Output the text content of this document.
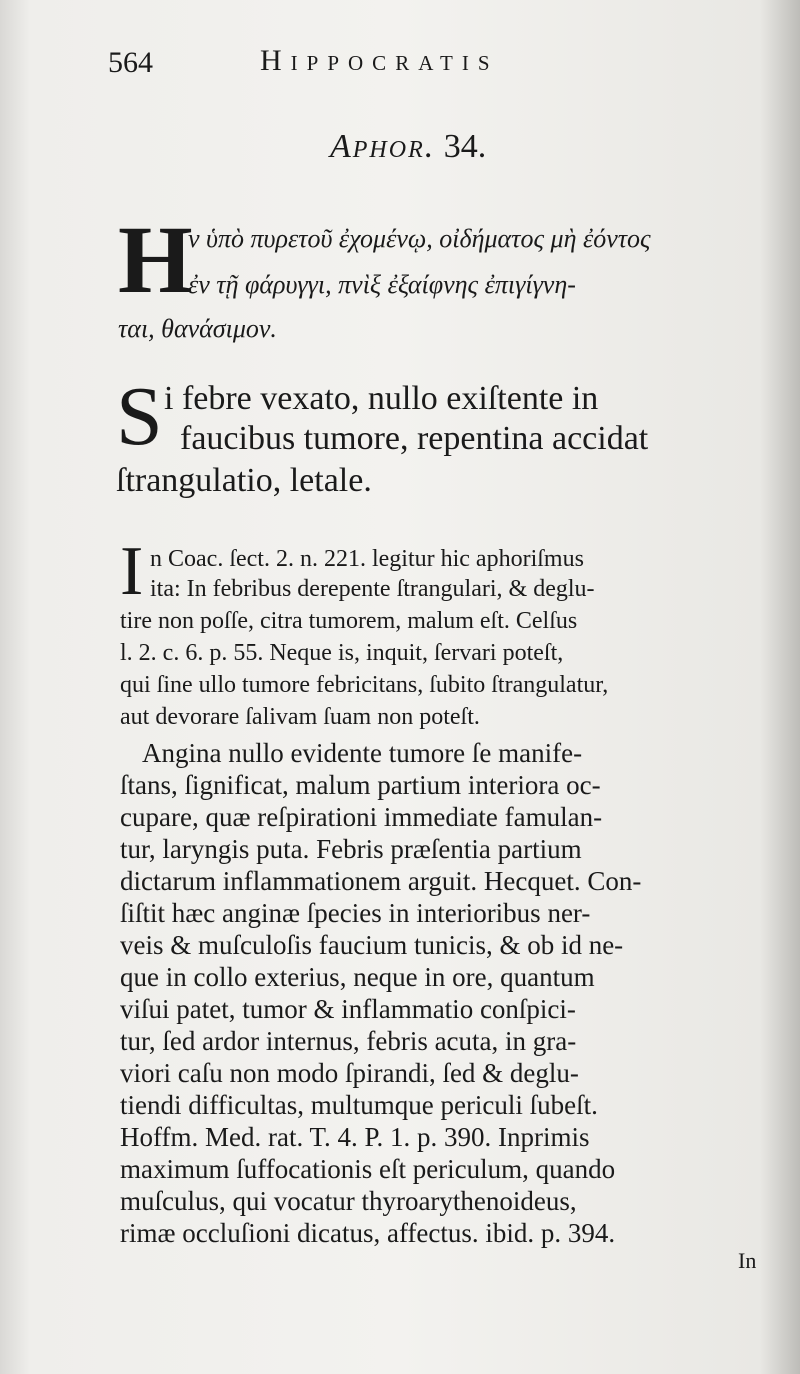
564	Hippocratis
Aphor. 34.
H
ν ὑπὸ πυρετοῦ ἐχομένῳ, οἰδήματος μὴ ἐόντος
ἐν τῇ φάρυγγι, πνὶξ ἐξαίφνης ἐπιγίγνη-
ται, θανάσιμον.
S i febre vexato, nullo exiſtente in
faucibus tumore, repentina accidat
ſtrangulatio, letale.
I n Coac. ſect. 2. n. 221. legitur hic aphoriſmus
ita: In febribus derepente ſtrangulari, & deglu-
tire non poſſe, citra tumorem, malum eſt. Celſus
l. 2. c. 6. p. 55. Neque is, inquit, ſervari poteſt,
qui ſine ullo tumore febricitans, ſubito ſtrangulatur,
aut devorare ſalivam ſuam non poteſt.
Angina nullo evidente tumore ſe manife-
ſtans, ſignificat, malum partium interiora oc-
cupare, quæ reſpirationi immediate famulan-
tur, laryngis puta. Febris præſentia partium
dictarum inflammationem arguit. Hecquet. Con-
ſiſtit hæc anginæ ſpecies in interioribus ner-
veis & muſculoſis faucium tunicis, & ob id ne-
que in collo exterius, neque in ore, quantum
viſui patet, tumor & inflammatio conſpici-
tur, ſed ardor internus, febris acuta, in gra-
viori caſu non modo ſpirandi, ſed & deglu-
tiendi difficultas, multumque periculi ſubeſt.
Hoffm. Med. rat. T. 4. P. 1. p. 390. Inprimis
maximum ſuffocationis eſt periculum, quando
muſculus, qui vocatur thyroarythenoideus,
rimæ occluſioni dicatus, affectus. ibid. p. 394.
In
